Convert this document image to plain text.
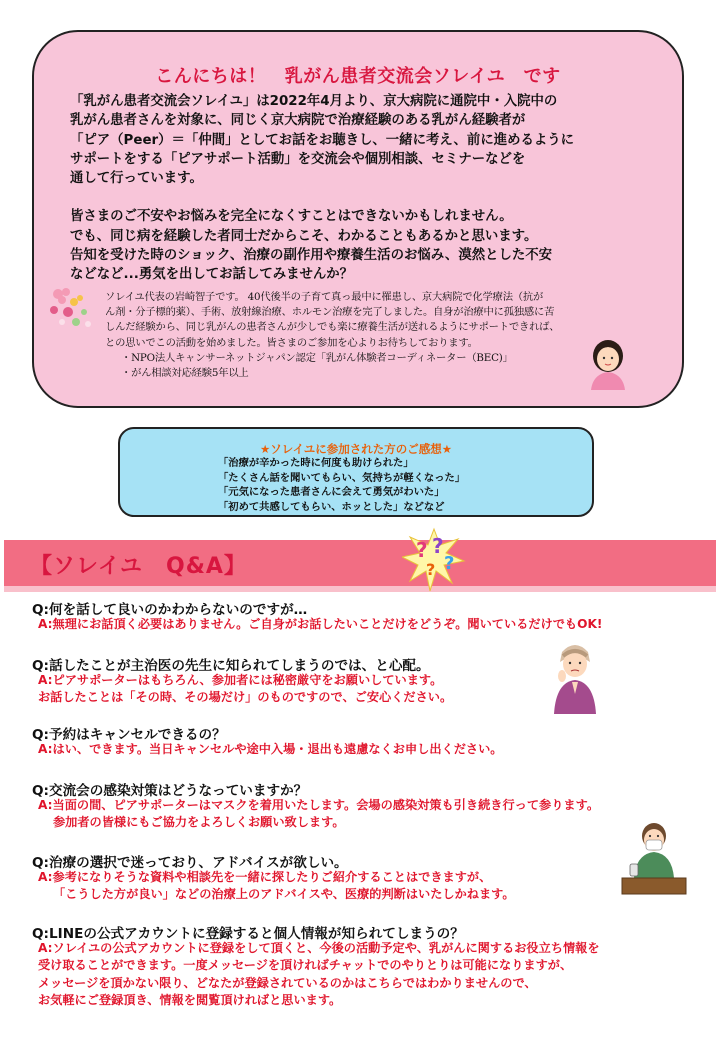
こんにちは！　乳がん患者交流会ソレイユ　です

「乳がん患者交流会ソレイユ」は2022年4月より、京大病院に通院中・入院中の

乳がん患者さんを対象に、同じく京大病院で治療経験のある乳がん経験者が

「ピア（Peer）＝「仲間」としてお話をお聴きし、一緒に考え、前に進めるように

サポートをする「ピアサポート活動」を交流会や個別相談、セミナーなどを

通して行っています。

皆さまのご不安やお悩みを完全になくすことはできないかもしれません。

でも、同じ病を経験した者同士だからこそ、わかることもあるかと思います。

告知を受けた時のショック、治療の副作用や療養生活のお悩み、漠然とした不安

などなど...勇気を出してお話してみませんか？

ソレイユ代表の岩崎智子です。 40代後半の子育て真っ最中に罹患し、京大病院で化学療法（抗が

ん剤・分子標的薬）、手術、放射線治療、ホルモン治療を完了しました。自身が治療中に孤独感に苦

しんだ経験から、同じ乳がんの患者さんが少しでも楽に療養生活が送れるようにサポートできれば、

との思いでこの活動を始めました。皆さまのご参加を心よりお待ちしております。

・NPO法人キャンサーネットジャパン認定「乳がん体験者コーディネーター（BEC)」

・がん相談対応経験5年以上

★ソレイユに参加された方のご感想★

「治療が辛かった時に何度も助けられた」

「たくさん話を聞いてもらい、気持ちが軽くなった」

「元気になった患者さんに会えて勇気がわいた」

「初めて共感してもらい、ホッとした」などなど

【ソレイユ　Q&A】
? ?
?
?
Q:何を話して良いのかわからないのですが…

A:無理にお話頂く必要はありません。ご自身がお話したいことだけをどうぞ。聞いているだけでもOK!

Q:話したことが主治医の先生に知られてしまうのでは、と心配。

A:ピアサポーターはもちろん、参加者には秘密厳守をお願いしています。

お話したことは「その時、その場だけ」のものですので、ご安心ください。

Q:予約はキャンセルできるの？

A:はい、できます。当日キャンセルや途中入場・退出も遠慮なくお申し出ください。

Q:交流会の感染対策はどうなっていますか？

A:当面の間、ピアサポーターはマスクを着用いたします。会場の感染対策も引き続き行って参ります。

参加者の皆様にもご協力をよろしくお願い致します。

Q:治療の選択で迷っており、アドバイスが欲しい。

A:参考になりそうな資料や相談先を一緒に探したりご紹介することはできますが、

「こうした方が良い」などの治療上のアドバイスや、医療的判断はいたしかねます。

Q:LINEの公式アカウントに登録すると個人情報が知られてしまうの？

A:ソレイユの公式アカウントに登録をして頂くと、今後の活動予定や、乳がんに関するお役立ち情報を

受け取ることができます。一度メッセージを頂ければチャットでのやりとりは可能になりますが、

メッセージを頂かない限り、どなたが登録されているのかはこちらではわかりませんので、

お気軽にご登録頂き、情報を閲覧頂ければと思います。
